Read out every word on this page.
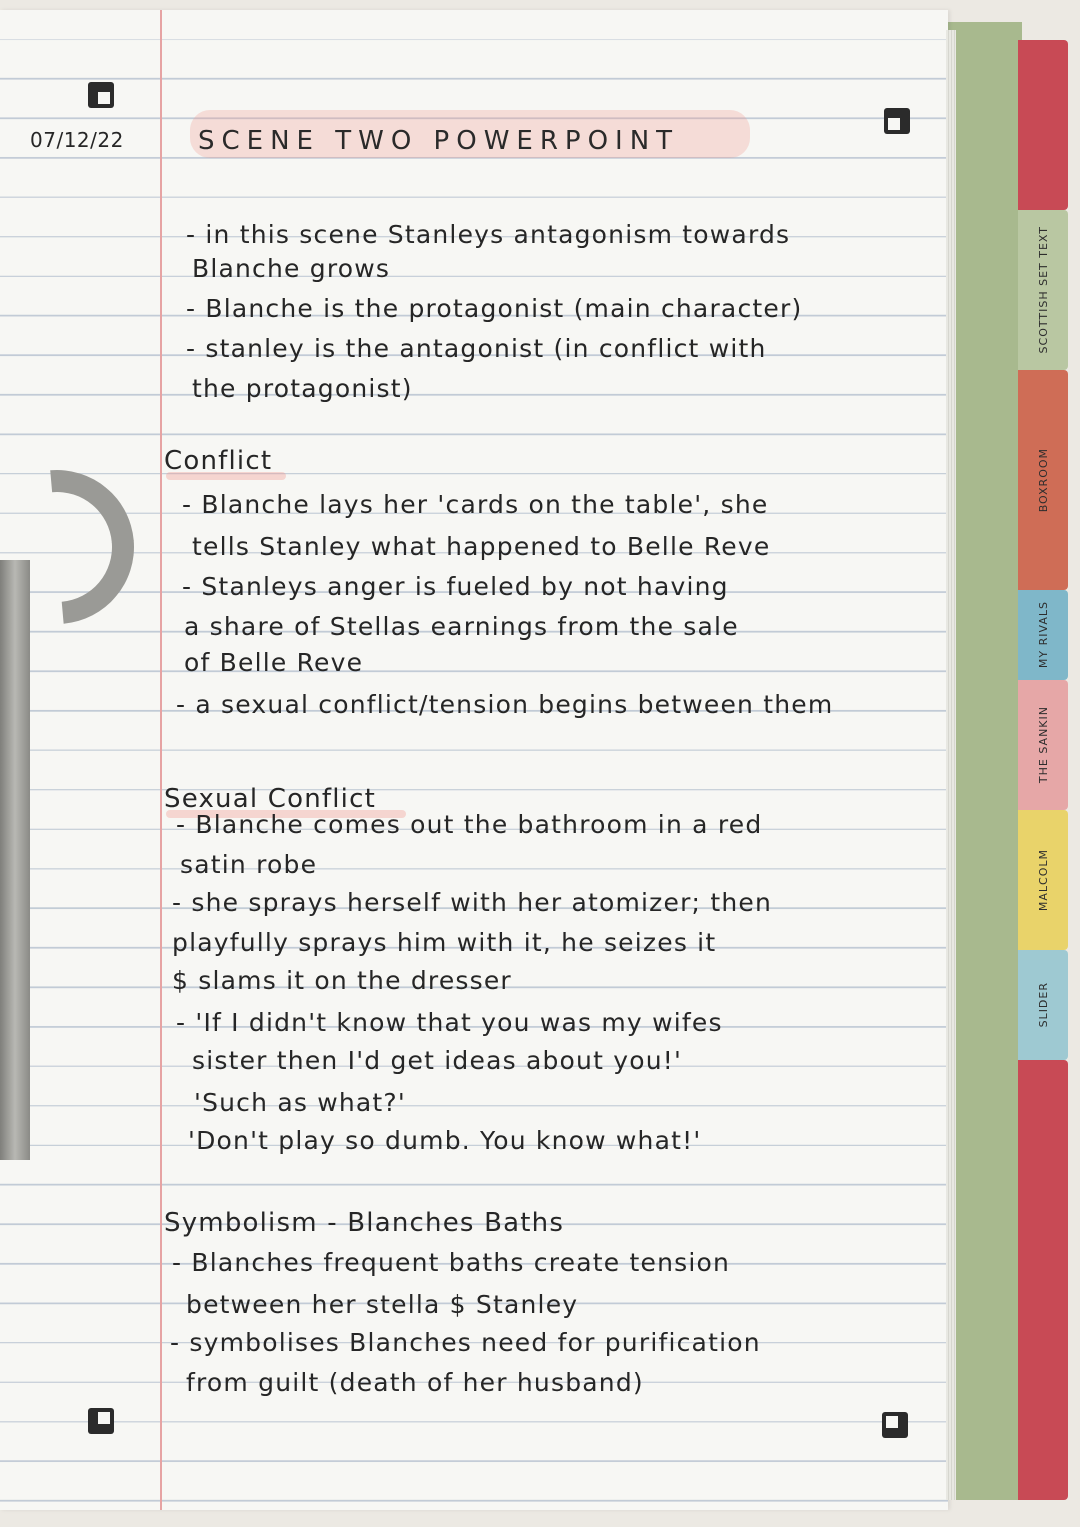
SCOTTISH SET TEXT
BOXROOM
MY RIVALS
THE SANKIN
MALCOLM
SLIDER
07/12/22	SCENE TWO POWERPOINT
- in this scene Stanleys antagonism towards
Blanche grows
- Blanche is the protagonist (main character)
- stanley is the antagonist (in conflict with
the protagonist)
Conflict
- Blanche lays her 'cards on the table', she
tells Stanley what happened to Belle Reve
- Stanleys anger is fueled by not having
a share of Stellas earnings from the sale
of Belle Reve
- a sexual conflict/tension begins between them
Sexual Conflict
- Blanche comes out the bathroom in a red
satin robe
- she sprays herself with her atomizer; then
playfully sprays him with it, he seizes it
$ slams it on the dresser
- 'If I didn't know that you was my wifes
sister then I'd get ideas about you!'
'Such as what?'
'Don't play so dumb. You know what!'
Symbolism - Blanches Baths
- Blanches frequent baths create tension
between her stella $ Stanley
- symbolises Blanches need for purification
from guilt (death of her husband)
